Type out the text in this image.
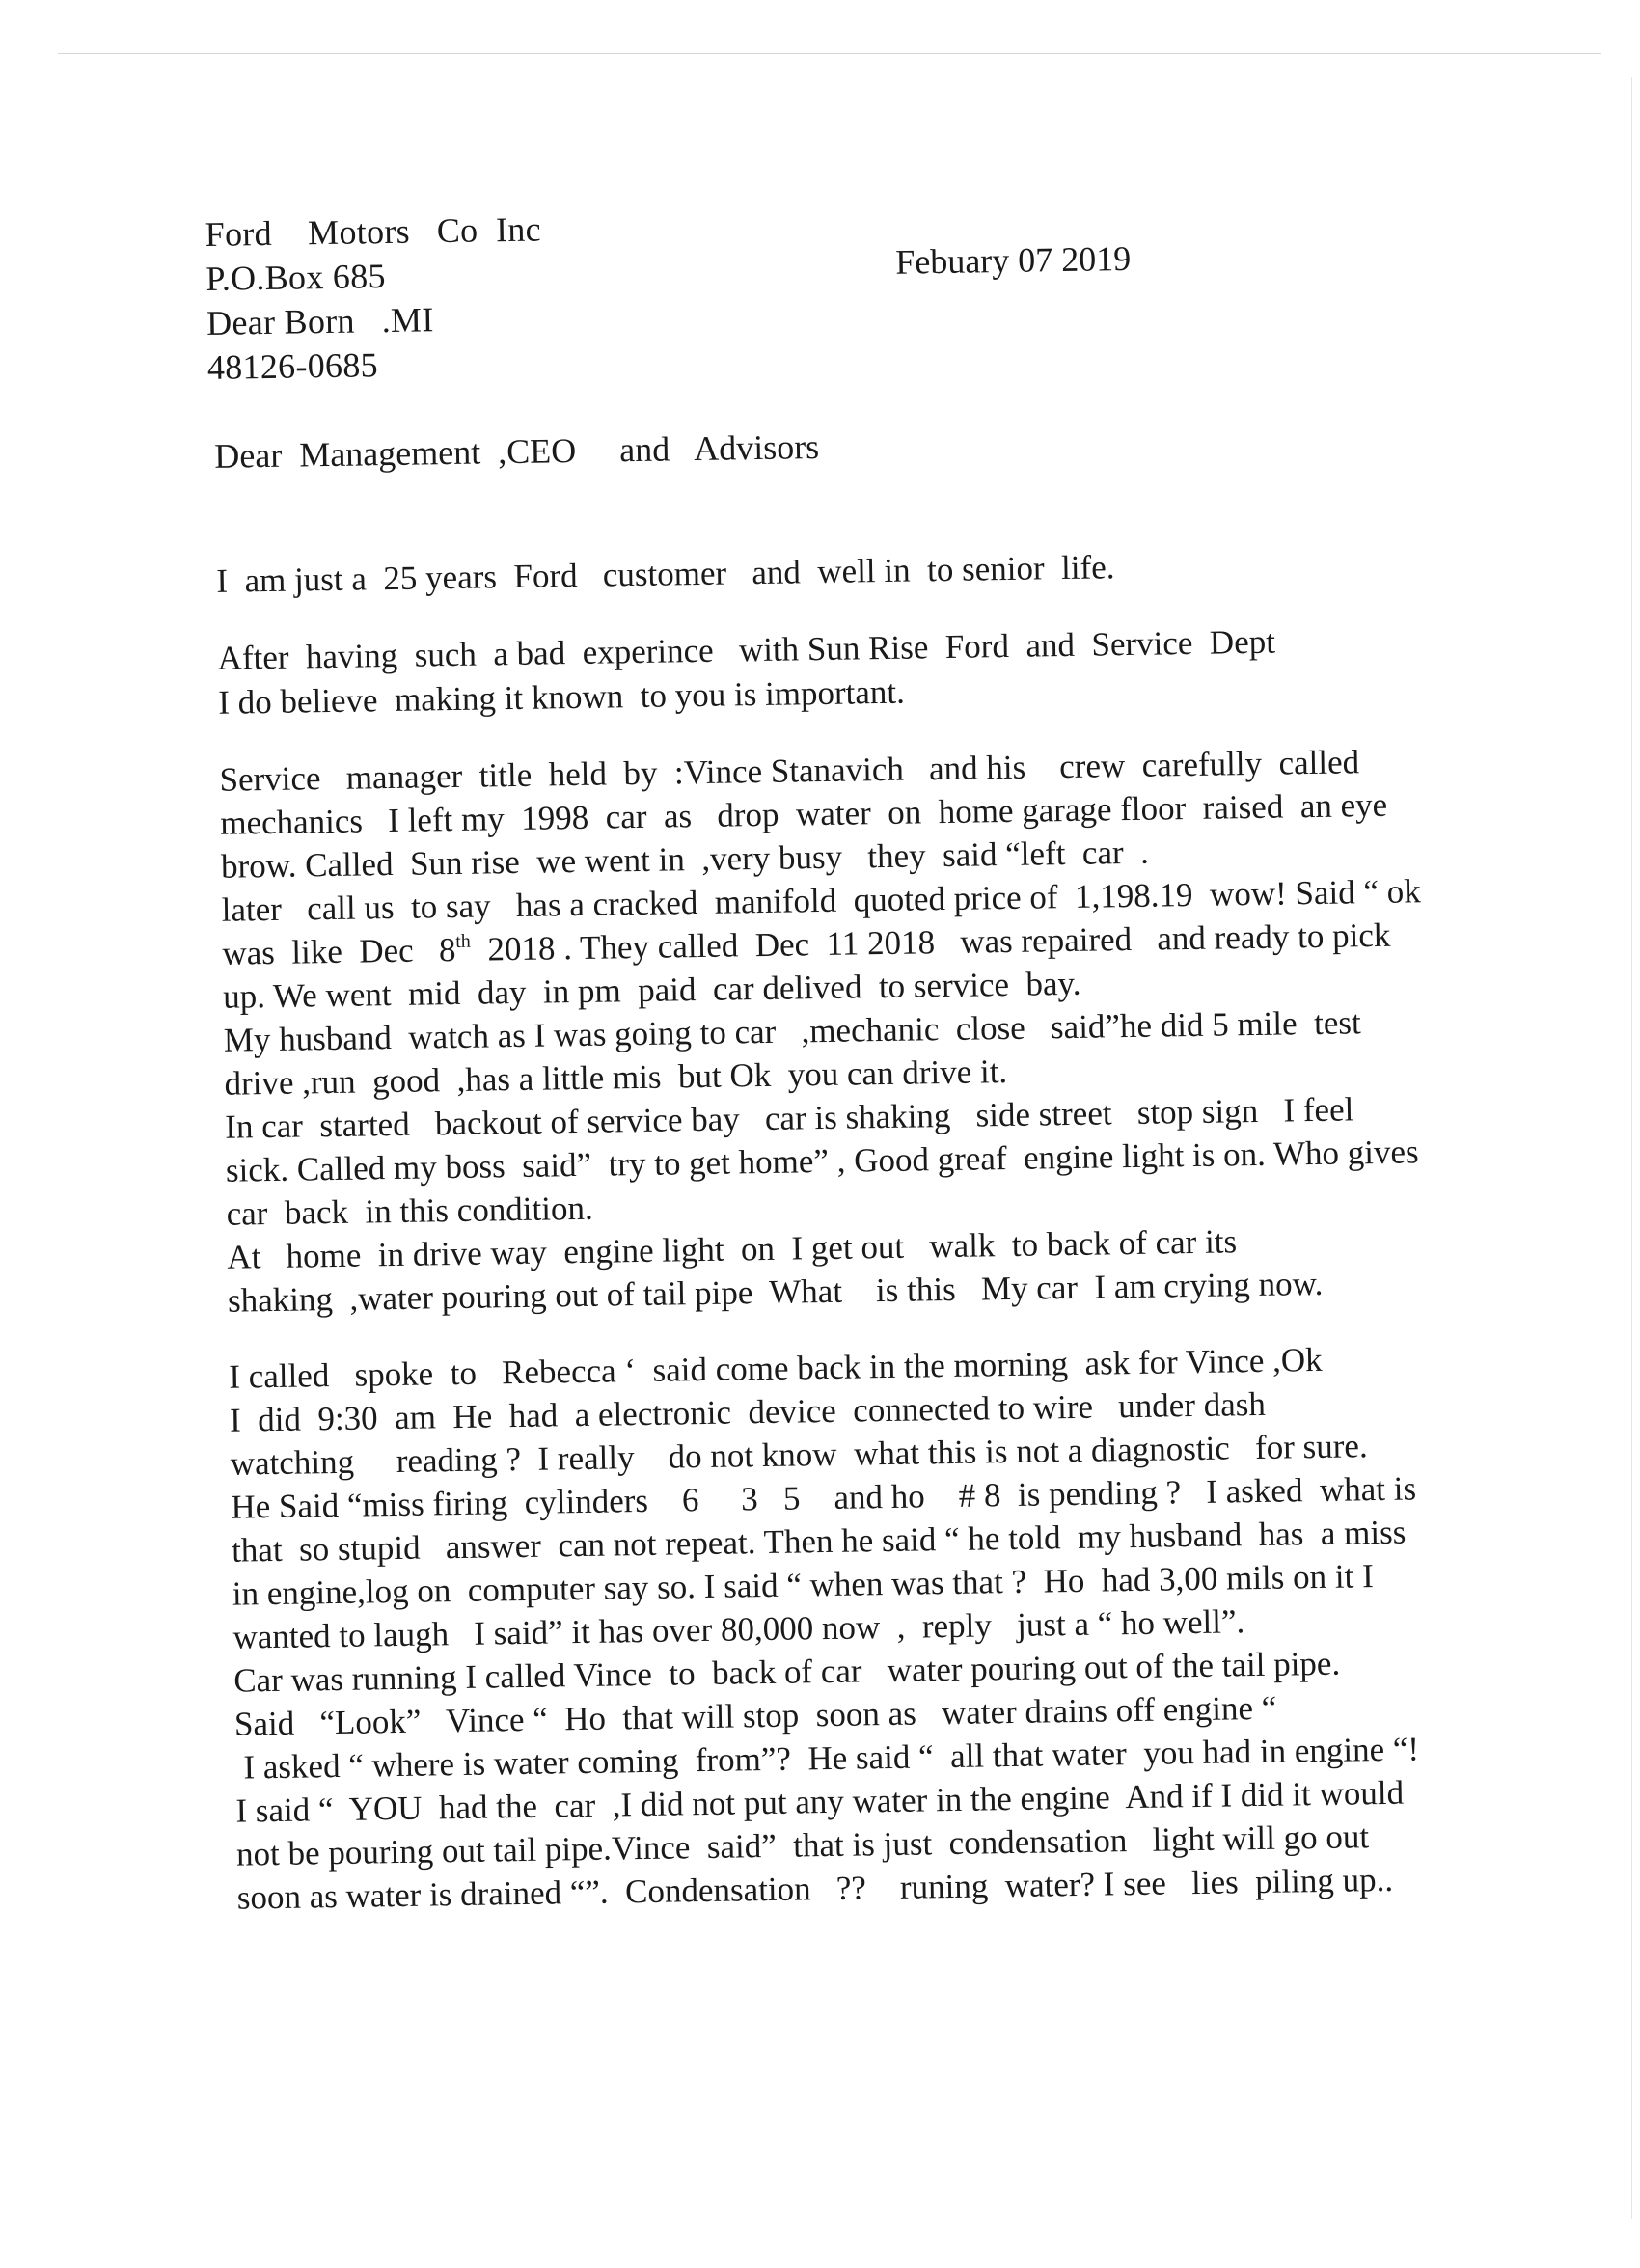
Ford    Motors   Co  Inc
P.O.Box 685
Dear Born   .MI
48126-0685
Febuary 07 2019
Dear  Management  ,CEO     and   Advisors
I  am just a  25 years  Ford   customer   and  well in  to senior  life.
After  having  such  a bad  experince   with Sun Rise  Ford  and  Service  Dept
I do believe  making it known  to you is important.
Service   manager  title  held  by  :Vince Stanavich   and his    crew  carefully  called
mechanics   I left my  1998  car  as   drop  water  on  home garage floor  raised  an eye
brow. Called  Sun rise  we went in  ,very busy   they  said “left  car  .
later   call us  to say   has a cracked  manifold  quoted price of  1,198.19  wow! Said “ ok
was  like  Dec   8th  2018 . They called  Dec  11 2018   was repaired   and ready to pick
up. We went  mid  day  in pm  paid  car delived  to service  bay.
My husband  watch as I was going to car   ,mechanic  close   said”he did 5 mile  test
drive ,run  good  ,has a little mis  but Ok  you can drive it.
In car  started   backout of service bay   car is shaking   side street   stop sign   I feel
sick. Called my boss  said”  try to get home” , Good greaf  engine light is on. Who gives
car  back  in this condition.
At   home  in drive way  engine light  on  I get out   walk  to back of car its
shaking  ,water pouring out of tail pipe  What    is this   My car  I am crying now.
I called   spoke  to   Rebecca ‘  said come back in the morning  ask for Vince ,Ok
I  did  9:30  am  He  had  a electronic  device  connected to wire   under dash
watching     reading ?  I really    do not know  what this is not a diagnostic   for sure.
He Said “miss firing  cylinders    6     3   5    and ho    # 8  is pending ?   I asked  what is
that  so stupid   answer  can not repeat. Then he said “ he told  my husband  has  a miss
in engine,log on  computer say so. I said “ when was that ?  Ho  had 3,00 mils on it I
wanted to laugh   I said” it has over 80,000 now  ,  reply   just a “ ho well”.
Car was running I called Vince  to  back of car   water pouring out of the tail pipe.
Said   “Look”   Vince “  Ho  that will stop  soon as   water drains off engine “
I asked “ where is water coming  from”?  He said “  all that water  you had in engine “!
I said “  YOU  had the  car  ,I did not put any water in the engine  And if I did it would
not be pouring out tail pipe.Vince  said”  that is just  condensation   light will go out
soon as water is drained “”.  Condensation   ??    runing  water? I see   lies  piling up..
